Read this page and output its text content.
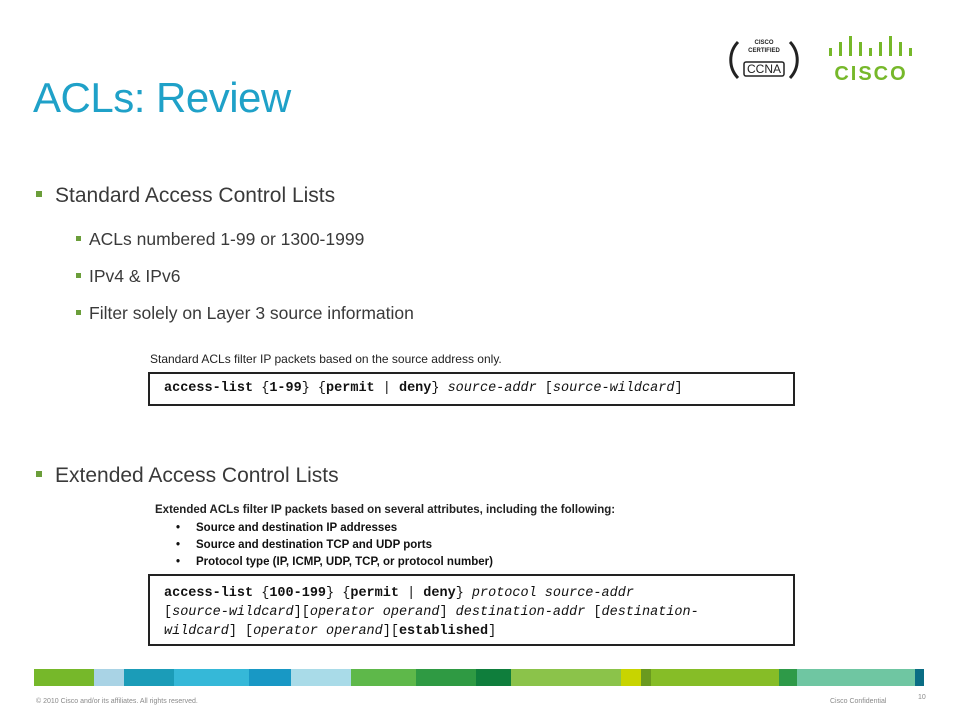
CISCO
CERTIFIED
CCNA	CISCO
ACLs: Review
Standard Access Control Lists
ACLs numbered 1-99 or 1300-1999
IPv4 & IPv6
Filter solely on Layer 3 source information
Standard ACLs filter IP packets based on the source address only.
access-list {1-99} {permit | deny} source-addr [source-wildcard]
Extended Access Control Lists
Extended ACLs filter IP packets based on several attributes, including the following:
• Source and destination IP addresses
• Source and destination TCP and UDP ports
• Protocol type (IP, ICMP, UDP, TCP, or protocol number)
access-list {100-199} {permit | deny} protocol source-addr
[source-wildcard][operator operand] destination-addr [destination-
wildcard] [operator operand][established]
© 2010 Cisco and/or its affiliates. All rights reserved.	Cisco Confidential
10
